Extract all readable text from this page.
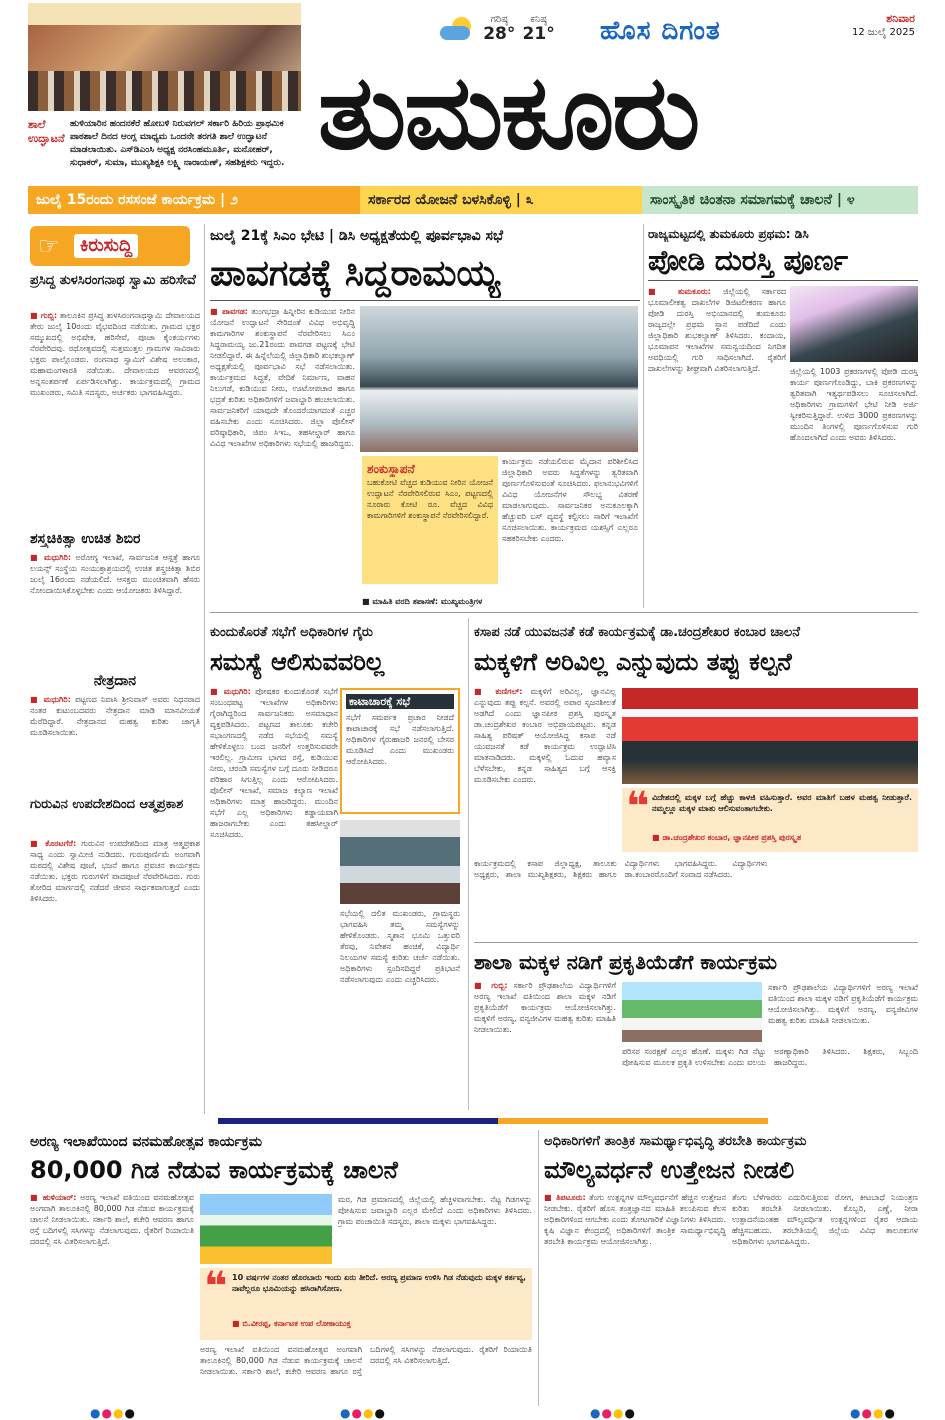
ಶಾಲೆ ಉದ್ಘಾಟನೆಹುಳಿಯಾರಿನ ಹಂದನಕೆರೆ ಹೋಬಳಿ ನಿರುವಗಲ್ ಸರ್ಕಾರಿ ಹಿರಿಯ ಪ್ರಾಥಮಿಕ ಪಾಠಶಾಲೆ ದಿನದ ಆಂಗ್ಲ ಮಾಧ್ಯಮ ಒಂದನೇ ತರಗತಿ ಶಾಲೆ ಉದ್ಘಾಟನೆ ಮಾಡಲಾಯಿತು. ಎಸ್‌ಡಿಎಂಸಿ ಅಧ್ಯಕ್ಷ ನರಸಿಂಹಮೂರ್ತಿ, ಮನೋಹರ್, ಸುಧಾಕರ್, ಸುಮಾ, ಮುಖ್ಯಶಿಕ್ಷಕಿ ಲಕ್ಷ್ಮಿ ನಾರಾಯಣ್, ಸಹಶಿಕ್ಷಕರು ಇದ್ದರು.
ಗರಿಷ್ಠ
28°
ಕನಿಷ್ಠ
21° ಹೊಸ ದಿಗಂತ	ಶನಿವಾರ
12 ಜುಲೈ 2025
ತುಮಕೂರು
ಜುಲೈ 15ರಂದು ರಸಸಂಜೆ ಕಾರ್ಯಕ್ರಮ | ೨	ಸರ್ಕಾರದ ಯೋಜನೆ ಬಳಸಿಕೊಳ್ಳಿ | ೩	ಸಾಂಸ್ಕೃತಿಕ ಚಿಂತನಾ ಸಮಾಗಮಕ್ಕೆ ಚಾಲನೆ | ೪
☞	ಕಿರುಸುದ್ದಿ
ಪ್ರಸಿದ್ಧ ತುಳಸಿರಂಗನಾಥ ಸ್ವಾಮಿ ಹರಿಸೇವೆ
■ ಗುಬ್ಬಿ: ತಾಲೂಕಿನ ಪ್ರಸಿದ್ಧ ತುಳಸಿರಂಗನಾಥಸ್ವಾಮಿ ದೇವಾಲಯದ ತೇರು ಜುಲೈ 10ರಂದು ವೈಭವದಿಂದ ನಡೆಯಿತು. ಗ್ರಾಮದ ಭಕ್ತರ ಸಮ್ಮುಖದಲ್ಲಿ ಅಭಿಷೇಕ, ಹರಿಸೇವೆ, ಪೂಜಾ ಕೈಂಕರ್ಯಗಳು ನೆರವೇರಿದವು. ರಥೋತ್ಸವದಲ್ಲಿ ಸುತ್ತಮುತ್ತಲ ಗ್ರಾಮಗಳ ಸಾವಿರಾರು ಭಕ್ತರು ಪಾಲ್ಗೊಂಡರು. ರಂಗನಾಥ ಸ್ವಾಮಿಗೆ ವಿಶೇಷ ಅಲಂಕಾರ, ಮಹಾಮಂಗಳಾರತಿ ನಡೆಯಿತು. ದೇವಾಲಯದ ಆವರಣದಲ್ಲಿ ಅನ್ನಸಂತರ್ಪಣೆ ಏರ್ಪಡಿಸಲಾಗಿತ್ತು. ಕಾರ್ಯಕ್ರಮದಲ್ಲಿ ಗ್ರಾಮದ ಮುಖಂಡರು, ಸಮಿತಿ ಸದಸ್ಯರು, ಅರ್ಚಕರು ಭಾಗವಹಿಸಿದ್ದರು.
ಶಸ್ತ್ರಚಿಕಿತ್ಸಾ ಉಚಿತ ಶಿಬಿರ
■ ಮಧುಗಿರಿ: ಅರೋಗ್ಯ ಇಲಾಖೆ, ಸಾರ್ವಜನಿಕ ಆಸ್ಪತ್ರೆ ಹಾಗೂ ಲಯನ್ಸ್ ಸಂಸ್ಥೆಯ ಸಂಯುಕ್ತಾಶ್ರಯದಲ್ಲಿ ಉಚಿತ ಶಸ್ತ್ರಚಿಕಿತ್ಸಾ ಶಿಬಿರ ಜುಲೈ 16ರಂದು ನಡೆಯಲಿದೆ. ಆಸಕ್ತರು ಮುಂಚಿತವಾಗಿ ಹೆಸರು ನೋಂದಾಯಿಸಿಕೊಳ್ಳಬೇಕು ಎಂದು ಆಯೋಜಕರು ತಿಳಿಸಿದ್ದಾರೆ.
ನೇತ್ರದಾನ
■ ಮಧುಗಿರಿ: ಪಟ್ಟಣದ ನಿವಾಸಿ ಶ್ರೀನಿವಾಸ್ ಅವರು ನಿಧನರಾದ ನಂತರ ಕುಟುಂಬದವರು ನೇತ್ರದಾನ ಮಾಡಿ ಮಾನವೀಯತೆ ಮೆರೆದಿದ್ದಾರೆ. ನೇತ್ರದಾನದ ಮಹತ್ವ ಕುರಿತು ಜಾಗೃತಿ ಮೂಡಿಸಲಾಯಿತು.
ಗುರುವಿನ ಉಪದೇಶದಿಂದ ಆತ್ಮಪ್ರಕಾಶ
■ ಕೊರಟಗೆರೆ: ಗುರುವಿನ ಉಪದೇಶದಿಂದ ಮಾತ್ರ ಆತ್ಮಪ್ರಕಾಶ ಸಾಧ್ಯ ಎಂದು ಸ್ವಾಮೀಜಿ ನುಡಿದರು. ಗುರುಪೂರ್ಣಿಮೆ ಅಂಗವಾಗಿ ಮಠದಲ್ಲಿ ವಿಶೇಷ ಪೂಜೆ, ಭಜನೆ ಹಾಗೂ ಪ್ರವಚನ ಕಾರ್ಯಕ್ರಮ ನಡೆಯಿತು. ಭಕ್ತರು ಗುರುಗಳಿಗೆ ಪಾದಪೂಜೆ ನೆರವೇರಿಸಿದರು. ಗುರು ತೋರಿದ ಮಾರ್ಗದಲ್ಲಿ ನಡೆದರೆ ಜೀವನ ಸಾರ್ಥಕವಾಗುತ್ತದೆ ಎಂದು ತಿಳಿಸಿದರು.
ಜುಲೈ 21ಕ್ಕೆ ಸಿಎಂ ಭೇಟಿ | ಡಿಸಿ ಅಧ್ಯಕ್ಷತೆಯಲ್ಲಿ ಪೂರ್ವಭಾವಿ ಸಭೆ
ಪಾವಗಡಕ್ಕೆ ಸಿದ್ದರಾಮಯ್ಯ
■ ಪಾವಗಡ: ತುಂಗಭದ್ರಾ ಹಿನ್ನೀರಿನ ಕುಡಿಯುವ ನೀರಿನ ಯೋಜನೆ ಉದ್ಘಾಟನೆ ಸೇರಿದಂತೆ ವಿವಿಧ ಅಭಿವೃದ್ಧಿ ಕಾಮಗಾರಿಗಳ ಶಂಕುಸ್ಥಾಪನೆ ನೆರವೇರಿಸಲು ಸಿಎಂ ಸಿದ್ದರಾಮಯ್ಯ ಜು.21ರಂದು ಪಾವಗಡ ಪಟ್ಟಣಕ್ಕೆ ಭೇಟಿ ನೀಡಲಿದ್ದಾರೆ. ಈ ಹಿನ್ನೆಲೆಯಲ್ಲಿ ಜಿಲ್ಲಾಧಿಕಾರಿ ಶುಭಕಲ್ಯಾಣ್ ಅಧ್ಯಕ್ಷತೆಯಲ್ಲಿ ಪೂರ್ವಭಾವಿ ಸಭೆ ನಡೆಸಲಾಯಿತು. ಕಾರ್ಯಕ್ರಮದ ಸಿದ್ಧತೆ, ವೇದಿಕೆ ನಿರ್ಮಾಣ, ವಾಹನ ನಿಲುಗಡೆ, ಕುಡಿಯುವ ನೀರು, ಊಟೋಪಚಾರ ಹಾಗೂ ಭದ್ರತೆ ಕುರಿತು ಅಧಿಕಾರಿಗಳಿಗೆ ಜವಾಬ್ದಾರಿ ಹಂಚಲಾಯಿತು. ಸಾರ್ವಜನಿಕರಿಗೆ ಯಾವುದೇ ತೊಂದರೆಯಾಗದಂತೆ ಎಚ್ಚರ ವಹಿಸಬೇಕು ಎಂದು ಸೂಚಿಸಿದರು. ಜಿಲ್ಲಾ ಪೊಲೀಸ್ ವರಿಷ್ಠಾಧಿಕಾರಿ, ಜಿಪಂ ಸಿಇಒ, ತಹಸೀಲ್ದಾರ್ ಹಾಗೂ ವಿವಿಧ ಇಲಾಖೆಗಳ ಅಧಿಕಾರಿಗಳು ಸಭೆಯಲ್ಲಿ ಹಾಜರಿದ್ದರು.
ಶಂಕುಸ್ಥಾಪನೆ
ಬಹುಕೋಟಿ ವೆಚ್ಚದ ಕುಡಿಯುವ ನೀರಿನ ಯೋಜನೆ ಉದ್ಘಾಟನೆ ನೆರವೇರಿಸಲಿರುವ ಸಿಎಂ, ಪಟ್ಟಣದಲ್ಲಿ ನೂರಾರು ಕೋಟಿ ರೂ. ವೆಚ್ಚದ ವಿವಿಧ ಕಾಮಗಾರಿಗಳಿಗೆ ಶಂಕುಸ್ಥಾಪನೆ ನೆರವೇರಿಸಲಿದ್ದಾರೆ.
ಕಾರ್ಯಕ್ರಮ ನಡೆಯಲಿರುವ ಮೈದಾನ ಪರಿಶೀಲಿಸಿದ ಜಿಲ್ಲಾಧಿಕಾರಿ ಅವರು ಸಿದ್ಧತೆಗಳನ್ನು ತ್ವರಿತವಾಗಿ ಪೂರ್ಣಗೊಳಿಸುವಂತೆ ಸೂಚಿಸಿದರು. ಫಲಾನುಭವಿಗಳಿಗೆ ವಿವಿಧ ಯೋಜನೆಗಳ ಸೌಲಭ್ಯ ವಿತರಣೆ ಮಾಡಲಾಗುವುದು. ಸಾರ್ವಜನಿಕರ ಅನುಕೂಲಕ್ಕಾಗಿ ಹೆಚ್ಚುವರಿ ಬಸ್ ವ್ಯವಸ್ಥೆ ಕಲ್ಪಿಸಲು ಸಾರಿಗೆ ಇಲಾಖೆಗೆ ಸೂಚಿಸಲಾಯಿತು. ಕಾರ್ಯಕ್ರಮದ ಯಶಸ್ಸಿಗೆ ಎಲ್ಲರೂ ಸಹಕರಿಸಬೇಕು ಎಂದರು.
■ ಮಾಹಿತಿ ವರದಿ ತಪಾಸಣೆ: ಮುಖ್ಯಮಂತ್ರಿಗಳ
ರಾಜ್ಯಮಟ್ಟದಲ್ಲಿ ತುಮಕೂರು ಪ್ರಥಮ: ಡಿಸಿ
ಪೋಡಿ ದುರಸ್ತಿ ಪೂರ್ಣ
■ ತುಮಕೂರು: ಜಿಲ್ಲೆಯಲ್ಲಿ ಸರ್ಕಾರದ ಭೂಮಾಲೀಕತ್ವ ದಾಖಲೆಗಳ ಡಿಜಿಟಲೀಕರಣ ಹಾಗೂ ಪೋಡಿ ದುರಸ್ತಿ ಅಭಿಯಾನದಲ್ಲಿ ತುಮಕೂರು ರಾಜ್ಯದಲ್ಲೇ ಪ್ರಥಮ ಸ್ಥಾನ ಪಡೆದಿದೆ ಎಂದು ಜಿಲ್ಲಾಧಿಕಾರಿ ಶುಭಕಲ್ಯಾಣ್ ತಿಳಿಸಿದರು. ಕಂದಾಯ, ಭೂಮಾಪನ ಇಲಾಖೆಗಳ ಸಮನ್ವಯದಿಂದ ನಿಗದಿತ ಅವಧಿಯಲ್ಲಿ ಗುರಿ ಸಾಧಿಸಲಾಗಿದೆ. ರೈತರಿಗೆ ದಾಖಲೆಗಳನ್ನು ಶೀಘ್ರವಾಗಿ ವಿತರಿಸಲಾಗುತ್ತಿದೆ.	ಜಿಲ್ಲೆಯಲ್ಲಿ 1003 ಪ್ರಕರಣಗಳಲ್ಲಿ ಪೋಡಿ ದುರಸ್ತಿ ಕಾರ್ಯ ಪೂರ್ಣಗೊಂಡಿದ್ದು, ಬಾಕಿ ಪ್ರಕರಣಗಳನ್ನು ತ್ವರಿತವಾಗಿ ಇತ್ಯರ್ಥಪಡಿಸಲು ಸೂಚಿಸಲಾಗಿದೆ. ಅಧಿಕಾರಿಗಳು ಗ್ರಾಮಗಳಿಗೆ ಭೇಟಿ ನೀಡಿ ಅರ್ಜಿ ಸ್ವೀಕರಿಸುತ್ತಿದ್ದಾರೆ. ಉಳಿದ 3000 ಪ್ರಕರಣಗಳನ್ನು ಮುಂದಿನ ತಿಂಗಳಲ್ಲಿ ಪೂರ್ಣಗೊಳಿಸುವ ಗುರಿ ಹೊಂದಲಾಗಿದೆ ಎಂದು ಅವರು ತಿಳಿಸಿದರು.
ಕುಂದುಕೊರತೆ ಸಭೆಗೆ ಅಧಿಕಾರಿಗಳ ಗೈರು
ಸಮಸ್ಯೆ ಆಲಿಸುವವರಿಲ್ಲ
■ ಮಧುಗಿರಿ: ಪೋಷಕರ ಕುಂದುಕೊರತೆ ಸಭೆಗೆ ಸಂಬಂಧಪಟ್ಟ ಇಲಾಖೆಗಳ ಅಧಿಕಾರಿಗಳು ಗೈರಾಗಿದ್ದರಿಂದ ಸಾರ್ವಜನಿಕರು ಅಸಮಾಧಾನ ವ್ಯಕ್ತಪಡಿಸಿದರು. ಪಟ್ಟಣದ ತಾಲೂಕು ಕಚೇರಿ ಸಭಾಂಗಣದಲ್ಲಿ ನಡೆದ ಸಭೆಯಲ್ಲಿ ಸಮಸ್ಯೆ ಹೇಳಿಕೊಳ್ಳಲು ಬಂದ ಜನರಿಗೆ ಉತ್ತರಿಸುವವರೇ ಇರಲಿಲ್ಲ. ಗ್ರಾಮೀಣ ಭಾಗದ ರಸ್ತೆ, ಕುಡಿಯುವ ನೀರು, ಚರಂಡಿ ಸಮಸ್ಯೆಗಳ ಬಗ್ಗೆ ದೂರು ನೀಡಿದರೂ ಪರಿಹಾರ ಸಿಗುತ್ತಿಲ್ಲ ಎಂದು ಆರೋಪಿಸಿದರು. ಪೊಲೀಸ್ ಇಲಾಖೆ, ಸಮಾಜ ಕಲ್ಯಾಣ ಇಲಾಖೆ ಅಧಿಕಾರಿಗಳು ಮಾತ್ರ ಹಾಜರಿದ್ದರು. ಮುಂದಿನ ಸಭೆಗೆ ಎಲ್ಲ ಅಧಿಕಾರಿಗಳು ಕಡ್ಡಾಯವಾಗಿ ಹಾಜರಾಗಬೇಕು ಎಂದು ತಹಸೀಲ್ದಾರ್ ಸೂಚಿಸಿದರು.
ಕಾಟಾಚಾರಕ್ಕೆ ಸಭೆ
ಸಭೆಗೆ ಸಮರ್ಪಕ ಪ್ರಚಾರ ನೀಡದೆ ಕಾಟಾಚಾರಕ್ಕೆ ಸಭೆ ನಡೆಸಲಾಗುತ್ತಿದೆ. ಅಧಿಕಾರಿಗಳ ಗೈರುಹಾಜರಿ ಜನರಲ್ಲಿ ಬೇಸರ ಮೂಡಿಸಿದೆ ಎಂದು ಮುಖಂಡರು ಆರೋಪಿಸಿದರು.
ಸಭೆಯಲ್ಲಿ ದಲಿತ ಮುಖಂಡರು, ಗ್ರಾಮಸ್ಥರು ಭಾಗವಹಿಸಿ ತಮ್ಮ ಸಮಸ್ಯೆಗಳನ್ನು ಹೇಳಿಕೊಂಡರು. ಸ್ಮಶಾನ ಭೂಮಿ ಒತ್ತುವರಿ ತೆರವು, ನಿವೇಶನ ಹಂಚಿಕೆ, ವಿದ್ಯಾರ್ಥಿ ನಿಲಯಗಳ ಸಮಸ್ಯೆ ಕುರಿತು ಚರ್ಚೆ ನಡೆಯಿತು. ಅಧಿಕಾರಿಗಳು ಸ್ಪಂದಿಸದಿದ್ದರೆ ಪ್ರತಿಭಟನೆ ನಡೆಸಲಾಗುವುದು ಎಂದು ಎಚ್ಚರಿಸಿದರು.
ಕಸಾಪ ನಡೆ ಯುವಜನತೆ ಕಡೆ ಕಾರ್ಯಕ್ರಮಕ್ಕೆ ಡಾ.ಚಂದ್ರಶೇಖರ ಕಂಬಾರ ಚಾಲನೆ
ಮಕ್ಕಳಿಗೆ ಅರಿವಿಲ್ಲ ಎನ್ನುವುದು ತಪ್ಪು ಕಲ್ಪನೆ
■ ಕುಣಿಗಲ್: ಮಕ್ಕಳಿಗೆ ಅರಿವಿಲ್ಲ, ಜ್ಞಾನವಿಲ್ಲ ಎನ್ನುವುದು ತಪ್ಪು ಕಲ್ಪನೆ. ಅವರಲ್ಲಿ ಅಪಾರ ಸೃಜನಶೀಲತೆ ಅಡಗಿದೆ ಎಂದು ಜ್ಞಾನಪೀಠ ಪ್ರಶಸ್ತಿ ಪುರಸ್ಕೃತ ಡಾ.ಚಂದ್ರಶೇಖರ ಕಂಬಾರ ಅಭಿಪ್ರಾಯಪಟ್ಟರು. ಕನ್ನಡ ಸಾಹಿತ್ಯ ಪರಿಷತ್ ಆಯೋಜಿಸಿದ್ದ ಕಸಾಪ ನಡೆ ಯುವಜನತೆ ಕಡೆ ಕಾರ್ಯಕ್ರಮ ಉದ್ಘಾಟಿಸಿ ಮಾತನಾಡಿದರು. ಮಕ್ಕಳಲ್ಲಿ ಓದುವ ಹವ್ಯಾಸ ಬೆಳೆಸಬೇಕು, ಕನ್ನಡ ಸಾಹಿತ್ಯದ ಬಗ್ಗೆ ಆಸಕ್ತಿ ಮೂಡಿಸಬೇಕು ಎಂದರು.
❝ ವಿದೇಶದಲ್ಲಿ ಮಕ್ಕಳ ಬಗ್ಗೆ ಹೆಚ್ಚು ಕಾಳಜಿ ವಹಿಸುತ್ತಾರೆ. ಅವರ ಮಾತಿಗೆ ಬಹಳ ಮಹತ್ವ ನೀಡುತ್ತಾರೆ. ನಮ್ಮಲ್ಲೂ ಮಕ್ಕಳ ಮಾತು ಆಲಿಸುವಂತಾಗಬೇಕು.
■ ಡಾ.ಚಂದ್ರಶೇಖರ ಕಂಬಾರ, ಜ್ಞಾನಪೀಠ ಪ್ರಶಸ್ತಿ ಪುರಸ್ಕೃತ
ಕಾರ್ಯಕ್ರಮದಲ್ಲಿ ಕಸಾಪ ಜಿಲ್ಲಾಧ್ಯಕ್ಷ, ತಾಲೂಕು ಅಧ್ಯಕ್ಷರು, ಶಾಲಾ ಮುಖ್ಯಶಿಕ್ಷಕರು, ಶಿಕ್ಷಕರು ಹಾಗೂ ವಿದ್ಯಾರ್ಥಿಗಳು ಭಾಗವಹಿಸಿದ್ದರು. ವಿದ್ಯಾರ್ಥಿಗಳು ಡಾ.ಕಂಬಾರರೊಂದಿಗೆ ಸಂವಾದ ನಡೆಸಿದರು.
ಶಾಲಾ ಮಕ್ಕಳ ನಡಿಗೆ ಪ್ರಕೃತಿಯೆಡೆಗೆ ಕಾರ್ಯಕ್ರಮ
■ ಗುಬ್ಬಿ: ಸರ್ಕಾರಿ ಪ್ರೌಢಶಾಲೆಯ ವಿದ್ಯಾರ್ಥಿಗಳಿಗೆ ಅರಣ್ಯ ಇಲಾಖೆ ವತಿಯಿಂದ ಶಾಲಾ ಮಕ್ಕಳ ನಡಿಗೆ ಪ್ರಕೃತಿಯೆಡೆಗೆ ಕಾರ್ಯಕ್ರಮ ಆಯೋಜಿಸಲಾಗಿತ್ತು. ಮಕ್ಕಳಿಗೆ ಅರಣ್ಯ, ವನ್ಯಜೀವಿಗಳ ಮಹತ್ವ ಕುರಿತು ಮಾಹಿತಿ ನೀಡಲಾಯಿತು.
ಪರಿಸರ ಸಂರಕ್ಷಣೆ ಎಲ್ಲರ ಹೊಣೆ. ಮಕ್ಕಳು ಗಿಡ ನೆಟ್ಟು ಪೋಷಿಸುವ ಮೂಲಕ ಪ್ರಕೃತಿ ಉಳಿಸಬೇಕು ಎಂದು ವಲಯ ಅರಣ್ಯಾಧಿಕಾರಿ ತಿಳಿಸಿದರು. ಶಿಕ್ಷಕರು, ಸಿಬ್ಬಂದಿ ಹಾಜರಿದ್ದರು.
ಸರ್ಕಾರಿ ಪ್ರೌಢಶಾಲೆಯ ವಿದ್ಯಾರ್ಥಿಗಳಿಗೆ ಅರಣ್ಯ ಇಲಾಖೆ ವತಿಯಿಂದ ಶಾಲಾ ಮಕ್ಕಳ ನಡಿಗೆ ಪ್ರಕೃತಿಯೆಡೆಗೆ ಕಾರ್ಯಕ್ರಮ ಆಯೋಜಿಸಲಾಗಿತ್ತು. ಮಕ್ಕಳಿಗೆ ಅರಣ್ಯ, ವನ್ಯಜೀವಿಗಳ ಮಹತ್ವ ಕುರಿತು ಮಾಹಿತಿ ನೀಡಲಾಯಿತು.
ಅರಣ್ಯ ಇಲಾಖೆಯಿಂದ ವನಮಹೋತ್ಸವ ಕಾರ್ಯಕ್ರಮ
80,000 ಗಿಡ ನೆಡುವ ಕಾರ್ಯಕ್ರಮಕ್ಕೆ ಚಾಲನೆ
■ ಹುಳಿಯಾರ್: ಅರಣ್ಯ ಇಲಾಖೆ ವತಿಯಿಂದ ವನಮಹೋತ್ಸವ ಅಂಗವಾಗಿ ತಾಲೂಕಿನಲ್ಲಿ 80,000 ಗಿಡ ನೆಡುವ ಕಾರ್ಯಕ್ರಮಕ್ಕೆ ಚಾಲನೆ ನೀಡಲಾಯಿತು. ಸರ್ಕಾರಿ ಶಾಲೆ, ಕಚೇರಿ ಆವರಣ ಹಾಗೂ ರಸ್ತೆ ಬದಿಗಳಲ್ಲಿ ಸಸಿಗಳನ್ನು ನೆಡಲಾಗುವುದು. ರೈತರಿಗೆ ರಿಯಾಯಿತಿ ದರದಲ್ಲಿ ಸಸಿ ವಿತರಿಸಲಾಗುತ್ತಿದೆ.
❝ 10 ವರ್ಷಗಳ ನಂತರ ಹೊರಬಾರು ಇಂದು ಏರು ತೀರಿದೆ. ಅರಣ್ಯ ಪ್ರಮಾಣ ಉಳಿಸಿ ಗಿಡ ನೆಡುವುದು ಮಕ್ಕಳ ಕರ್ತವ್ಯ, ನಾವೆಲ್ಲರೂ ಭೂಮಿಯನ್ನು ಹಸಿರಾಗಿಸೋಣ.
■ ಬಿ.ವೀರಪ್ಪ, ಕರ್ನಾಟಕ ಉಪ ಲೋಕಾಯುಕ್ತ
ಮರ, ಗಿಡ ಪ್ರಮಾಣದಲ್ಲಿ ಜಿಲ್ಲೆಯಲ್ಲಿ ಹೆಚ್ಚಳವಾಗಬೇಕು. ನೆಟ್ಟ ಗಿಡಗಳನ್ನು ಪೋಷಿಸುವ ಜವಾಬ್ದಾರಿ ಎಲ್ಲರ ಮೇಲಿದೆ ಎಂದು ಅಧಿಕಾರಿಗಳು ತಿಳಿಸಿದರು. ಗ್ರಾಮ ಪಂಚಾಯಿತಿ ಸದಸ್ಯರು, ಶಾಲಾ ಮಕ್ಕಳು ಭಾಗವಹಿಸಿದ್ದರು.
ಅರಣ್ಯ ಇಲಾಖೆ ವತಿಯಿಂದ ವನಮಹೋತ್ಸವ ಅಂಗವಾಗಿ ತಾಲೂಕಿನಲ್ಲಿ 80,000 ಗಿಡ ನೆಡುವ ಕಾರ್ಯಕ್ರಮಕ್ಕೆ ಚಾಲನೆ ನೀಡಲಾಯಿತು. ಸರ್ಕಾರಿ ಶಾಲೆ, ಕಚೇರಿ ಆವರಣ ಹಾಗೂ ರಸ್ತೆ ಬದಿಗಳಲ್ಲಿ ಸಸಿಗಳನ್ನು ನೆಡಲಾಗುವುದು. ರೈತರಿಗೆ ರಿಯಾಯಿತಿ ದರದಲ್ಲಿ ಸಸಿ ವಿತರಿಸಲಾಗುತ್ತಿದೆ.
ಅಧಿಕಾರಿಗಳಿಗೆ ತಾಂತ್ರಿಕ ಸಾಮರ್ಥ್ಯಾಭಿವೃದ್ಧಿ ತರಬೇತಿ ಕಾರ್ಯಕ್ರಮ
ಮೌಲ್ಯವರ್ಧನೆ ಉತ್ತೇಜನ ನೀಡಲಿ
■ ತಿಪಟೂರು: ತೆಂಗು ಉತ್ಪನ್ನಗಳ ಮೌಲ್ಯವರ್ಧನೆಗೆ ಹೆಚ್ಚಿನ ಉತ್ತೇಜನ ನೀಡಬೇಕು. ರೈತರಿಗೆ ಹೊಸ ತಂತ್ರಜ್ಞಾನದ ಮಾಹಿತಿ ತಲುಪಿಸುವ ಕೆಲಸ ಅಧಿಕಾರಿಗಳಿಂದ ಆಗಬೇಕು ಎಂದು ತೋಟಗಾರಿಕೆ ವಿಜ್ಞಾನಿಗಳು ತಿಳಿಸಿದರು. ಕೃಷಿ ವಿಜ್ಞಾನ ಕೇಂದ್ರದಲ್ಲಿ ಅಧಿಕಾರಿಗಳಿಗೆ ತಾಂತ್ರಿಕ ಸಾಮರ್ಥ್ಯಾಭಿವೃದ್ಧಿ ತರಬೇತಿ ಕಾರ್ಯಕ್ರಮ ಆಯೋಜಿಸಲಾಗಿತ್ತು.
ತೆಂಗು ಬೆಳೆಗಾರರು ಎದುರಿಸುತ್ತಿರುವ ರೋಗ, ಕೀಟಬಾಧೆ ನಿಯಂತ್ರಣ ಕುರಿತು ತರಬೇತಿ ನೀಡಲಾಯಿತು. ಕೊಬ್ಬರಿ, ಎಣ್ಣೆ, ನೀರಾ ಉತ್ಪಾದನೆಯಂತಹ ಮೌಲ್ಯವರ್ಧಿತ ಉತ್ಪನ್ನಗಳಿಂದ ರೈತರ ಆದಾಯ ಹೆಚ್ಚಿಸಬಹುದು. ತರಬೇತಿಯಲ್ಲಿ ಜಿಲ್ಲೆಯ ವಿವಿಧ ತಾಲೂಕುಗಳ ಅಧಿಕಾರಿಗಳು ಭಾಗವಹಿಸಿದ್ದರು.
●●●●	●●●●	●●●●	●●●●
